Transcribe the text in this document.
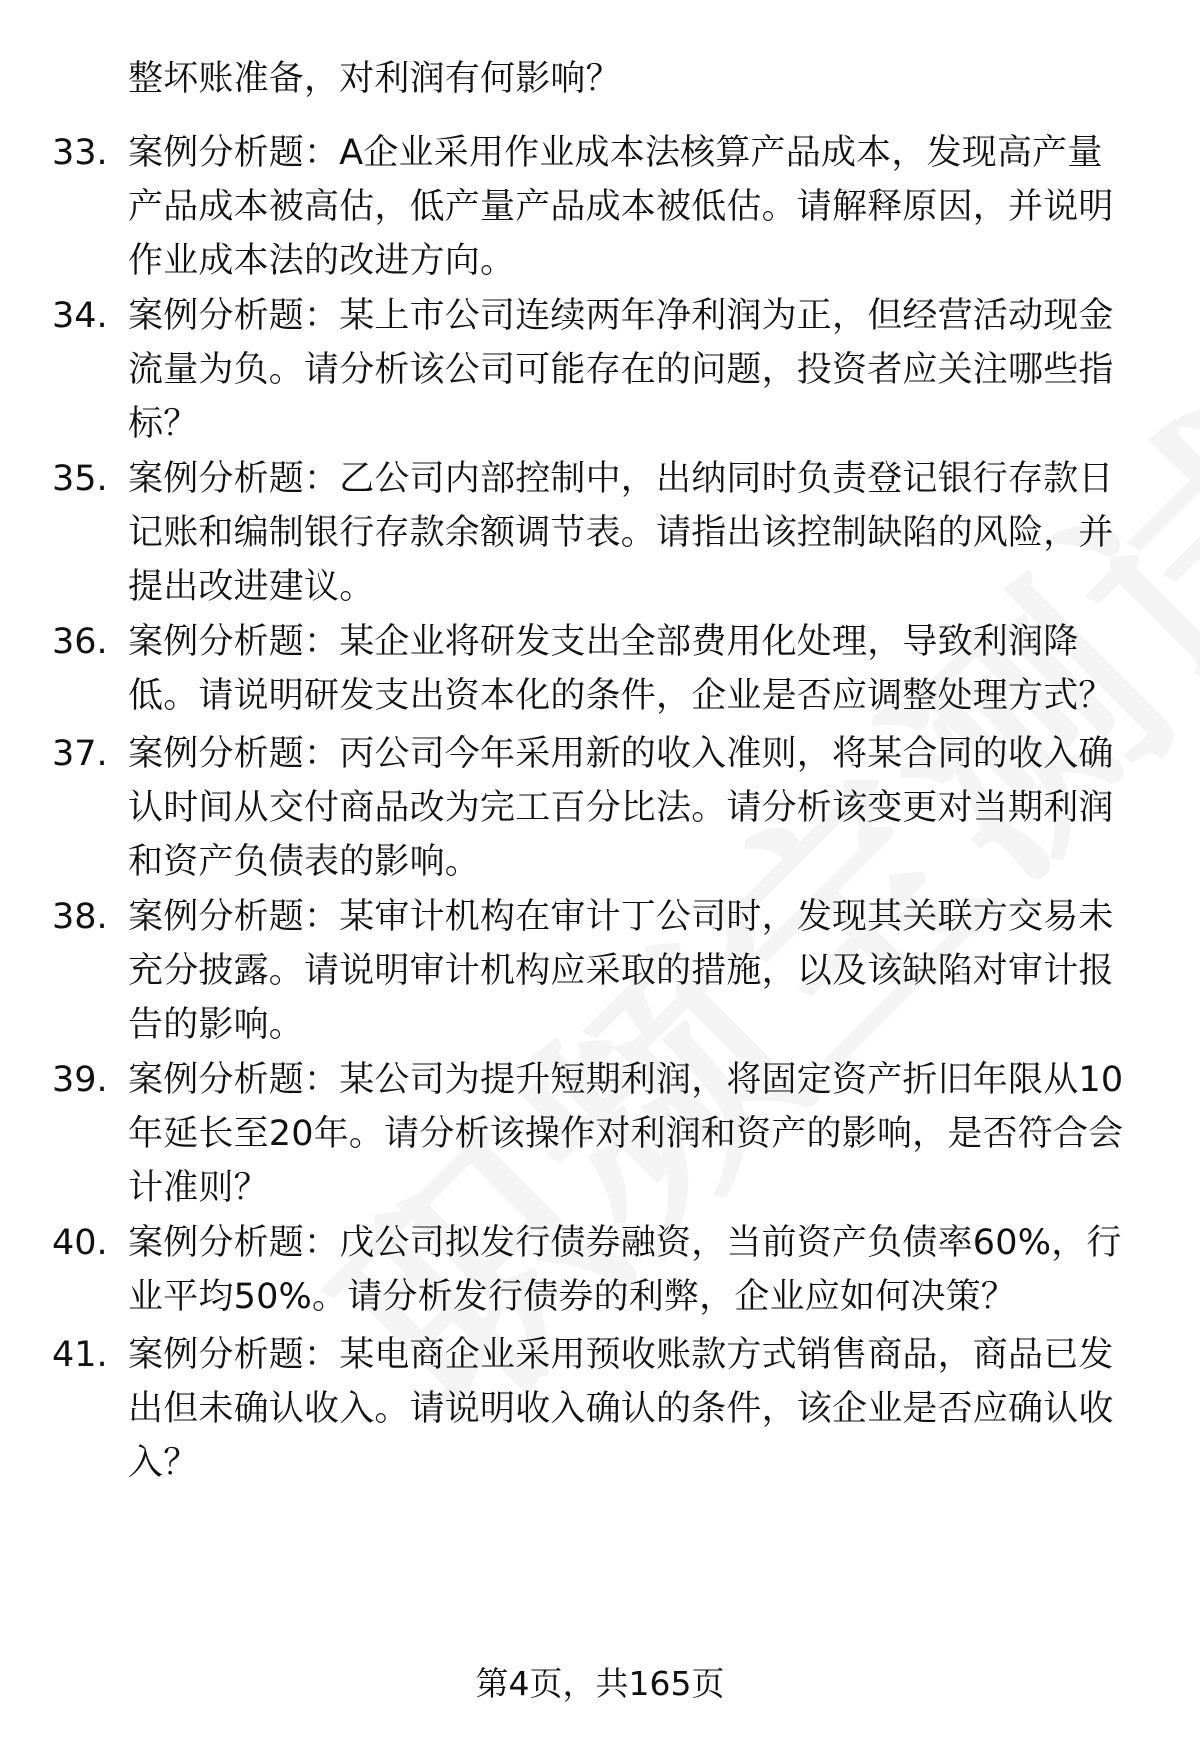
整坏账准备，对利润有何影响？
33. 案例分析题：A企业采用作业成本法核算产品成本，发现高产量
产品成本被高估，低产量产品成本被低估。请解释原因，并说明
作业成本法的改进方向。
34. 案例分析题：某上市公司连续两年净利润为正，但经营活动现金
流量为负。请分析该公司可能存在的问题，投资者应关注哪些指
标？
35. 案例分析题：乙公司内部控制中，出纳同时负责登记银行存款日
记账和编制银行存款余额调节表。请指出该控制缺陷的风险，并
提出改进建议。
36. 案例分析题：某企业将研发支出全部费用化处理，导致利润降
低。请说明研发支出资本化的条件，企业是否应调整处理方式？
37. 案例分析题：丙公司今年采用新的收入准则，将某合同的收入确
认时间从交付商品改为完工百分比法。请分析该变更对当期利润
和资产负债表的影响。
38. 案例分析题：某审计机构在审计丁公司时，发现其关联方交易未
充分披露。请说明审计机构应采取的措施，以及该缺陷对审计报
告的影响。
39. 案例分析题：某公司为提升短期利润，将固定资产折旧年限从10
年延长至20年。请分析该操作对利润和资产的影响，是否符合会
计准则？
40. 案例分析题：戊公司拟发行债券融资，当前资产负债率60%，行
业平均50%。请分析发行债券的利弊，企业应如何决策？
41. 案例分析题：某电商企业采用预收账款方式销售商品，商品已发
出但未确认收入。请说明收入确认的条件，该企业是否应确认收
入？
第4页，共165页
